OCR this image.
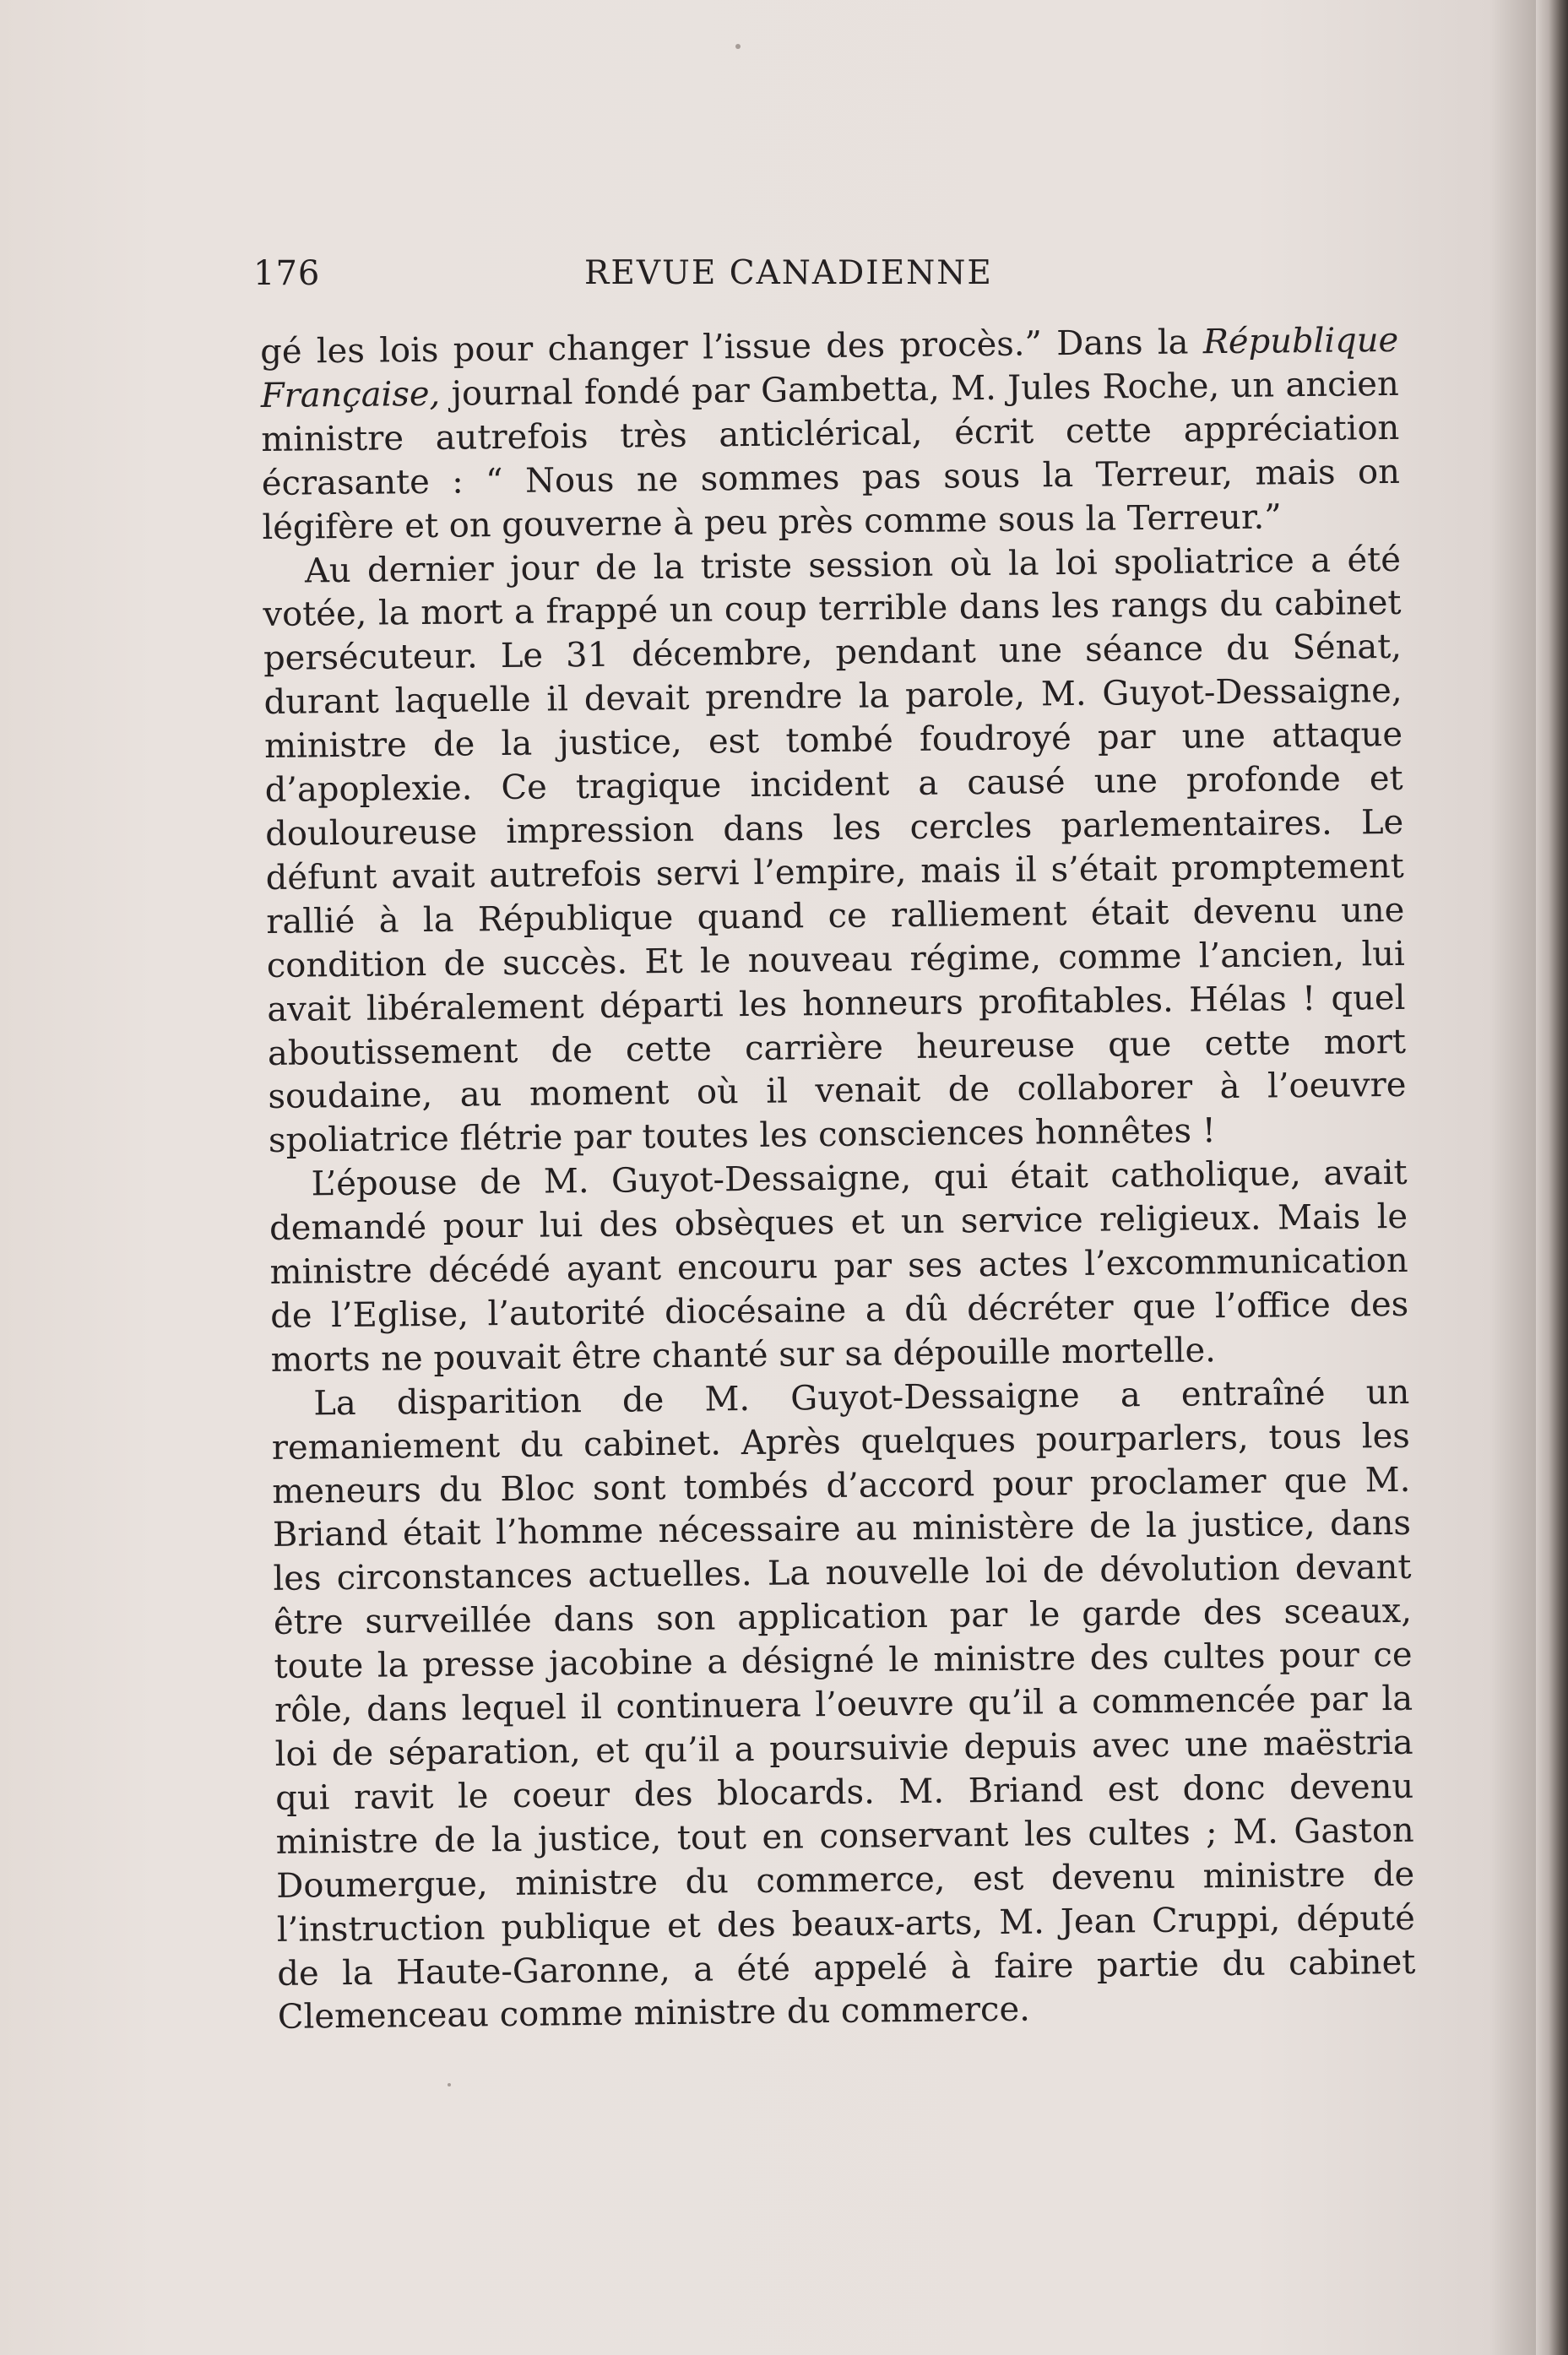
176	REVUE CANADIENNE

gé les lois pour changer l’issue des procès.” Dans la République Française, journal fondé par Gambetta, M. Jules Roche, un ancien ministre autrefois très anticlérical, écrit cette appréciation écrasante : “ Nous ne sommes pas sous la Terreur, mais on légifère et on gouverne à peu près comme sous la Terreur.”

Au dernier jour de la triste session où la loi spoliatrice a été votée, la mort a frappé un coup terrible dans les rangs du cabinet persécuteur. Le 31 décembre, pendant une séance du Sénat, durant laquelle il devait prendre la parole, M. Guyot-Dessaigne, ministre de la justice, est tombé foudroyé par une attaque d’apoplexie. Ce tragique incident a causé une profonde et douloureuse impression dans les cercles parlementaires. Le défunt avait autrefois servi l’empire, mais il s’était promptement rallié à la République quand ce ralliement était devenu une condition de succès. Et le nouveau régime, comme l’ancien, lui avait libéralement départi les honneurs profitables. Hélas ! quel aboutissement de cette carrière heureuse que cette mort soudaine, au moment où il venait de collaborer à l’oeuvre spoliatrice flétrie par toutes les consciences honnêtes !

L’épouse de M. Guyot-Dessaigne, qui était catholique, avait demandé pour lui des obsèques et un service religieux. Mais le ministre décédé ayant encouru par ses actes l’excommunication de l’Eglise, l’autorité diocésaine a dû décréter que l’office des morts ne pouvait être chanté sur sa dépouille mortelle.

La disparition de M. Guyot-Dessaigne a entraîné un remaniement du cabinet. Après quelques pourparlers, tous les meneurs du Bloc sont tombés d’accord pour proclamer que M. Briand était l’homme nécessaire au ministère de la justice, dans les circonstances actuelles. La nouvelle loi de dévolution devant être surveillée dans son application par le garde des sceaux, toute la presse jacobine a désigné le ministre des cultes pour ce rôle, dans lequel il continuera l’oeuvre qu’il a commencée par la loi de séparation, et qu’il a poursuivie depuis avec une maëstria qui ravit le coeur des blocards. M. Briand est donc devenu ministre de la justice, tout en conservant les cultes ; M. Gaston Doumergue, ministre du commerce, est devenu ministre de l’instruction publique et des beaux-arts, M. Jean Cruppi, député de la Haute-Garonne, a été appelé à faire partie du cabinet Clemenceau comme ministre du commerce.
